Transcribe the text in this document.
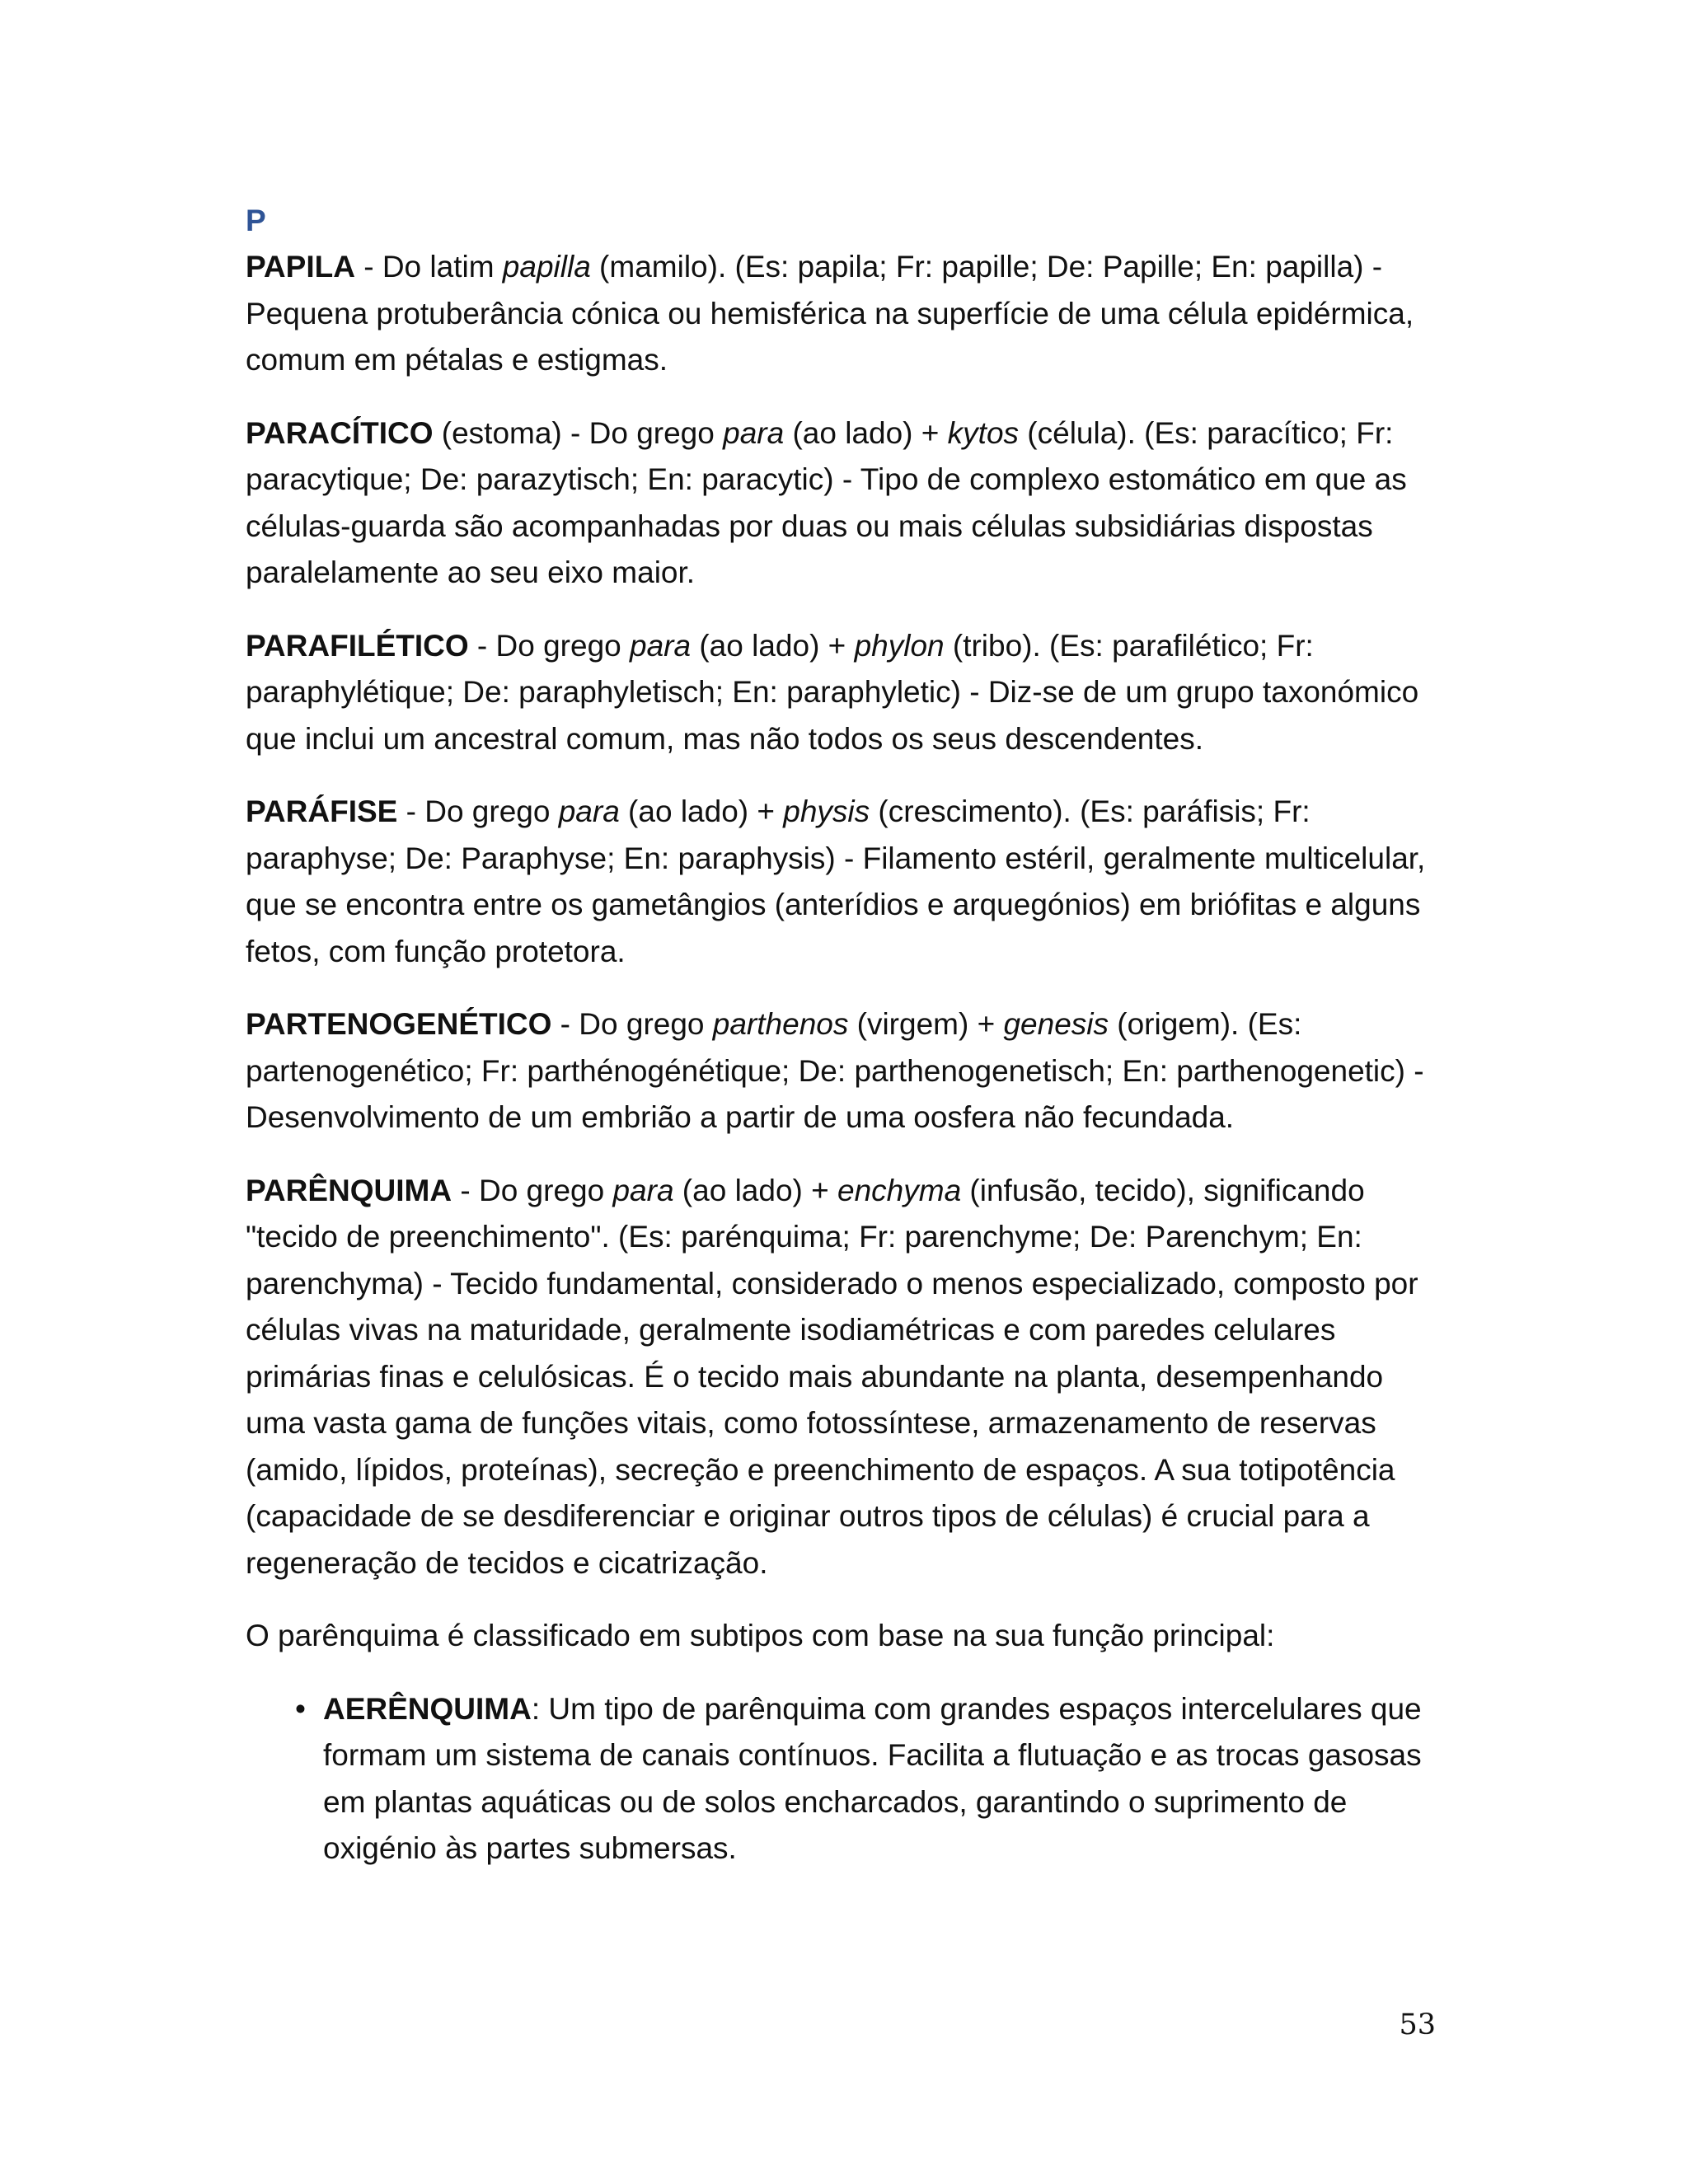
P

PAPILA - Do latim papilla (mamilo). (Es: papila; Fr: papille; De: Papille; En: papilla) - Pequena protuberância cónica ou hemisférica na superfície de uma célula epidérmica, comum em pétalas e estigmas.

PARACÍTICO (estoma) - Do grego para (ao lado) + kytos (célula). (Es: paracítico; Fr: paracytique; De: parazytisch; En: paracytic) - Tipo de complexo estomático em que as células-guarda são acompanhadas por duas ou mais células subsidiárias dispostas paralelamente ao seu eixo maior.

PARAFILÉTICO - Do grego para (ao lado) + phylon (tribo). (Es: parafilético; Fr: paraphylétique; De: paraphyletisch; En: paraphyletic) - Diz-se de um grupo taxonómico que inclui um ancestral comum, mas não todos os seus descendentes.

PARÁFISE - Do grego para (ao lado) + physis (crescimento). (Es: paráfisis; Fr: paraphyse; De: Paraphyse; En: paraphysis) - Filamento estéril, geralmente multicelular, que se encontra entre os gametângios (anterídios e arquegónios) em briófitas e alguns fetos, com função protetora.

PARTENOGENÉTICO - Do grego parthenos (virgem) + genesis (origem). (Es: partenogenético; Fr: parthénogénétique; De: parthenogenetisch; En: parthenogenetic) - Desenvolvimento de um embrião a partir de uma oosfera não fecundada.

PARÊNQUIMA - Do grego para (ao lado) + enchyma (infusão, tecido), significando "tecido de preenchimento". (Es: parénquima; Fr: parenchyme; De: Parenchym; En: parenchyma) - Tecido fundamental, considerado o menos especializado, composto por células vivas na maturidade, geralmente isodiamétricas e com paredes celulares primárias finas e celulósicas. É o tecido mais abundante na planta, desempenhando uma vasta gama de funções vitais, como fotossíntese, armazenamento de reservas (amido, lípidos, proteínas), secreção e preenchimento de espaços. A sua totipotência (capacidade de se desdiferenciar e originar outros tipos de células) é crucial para a regeneração de tecidos e cicatrização.

O parênquima é classificado em subtipos com base na sua função principal:

• AERÊNQUIMA: Um tipo de parênquima com grandes espaços intercelulares que formam um sistema de canais contínuos. Facilita a flutuação e as trocas gasosas em plantas aquáticas ou de solos encharcados, garantindo o suprimento de oxigénio às partes submersas.
53
